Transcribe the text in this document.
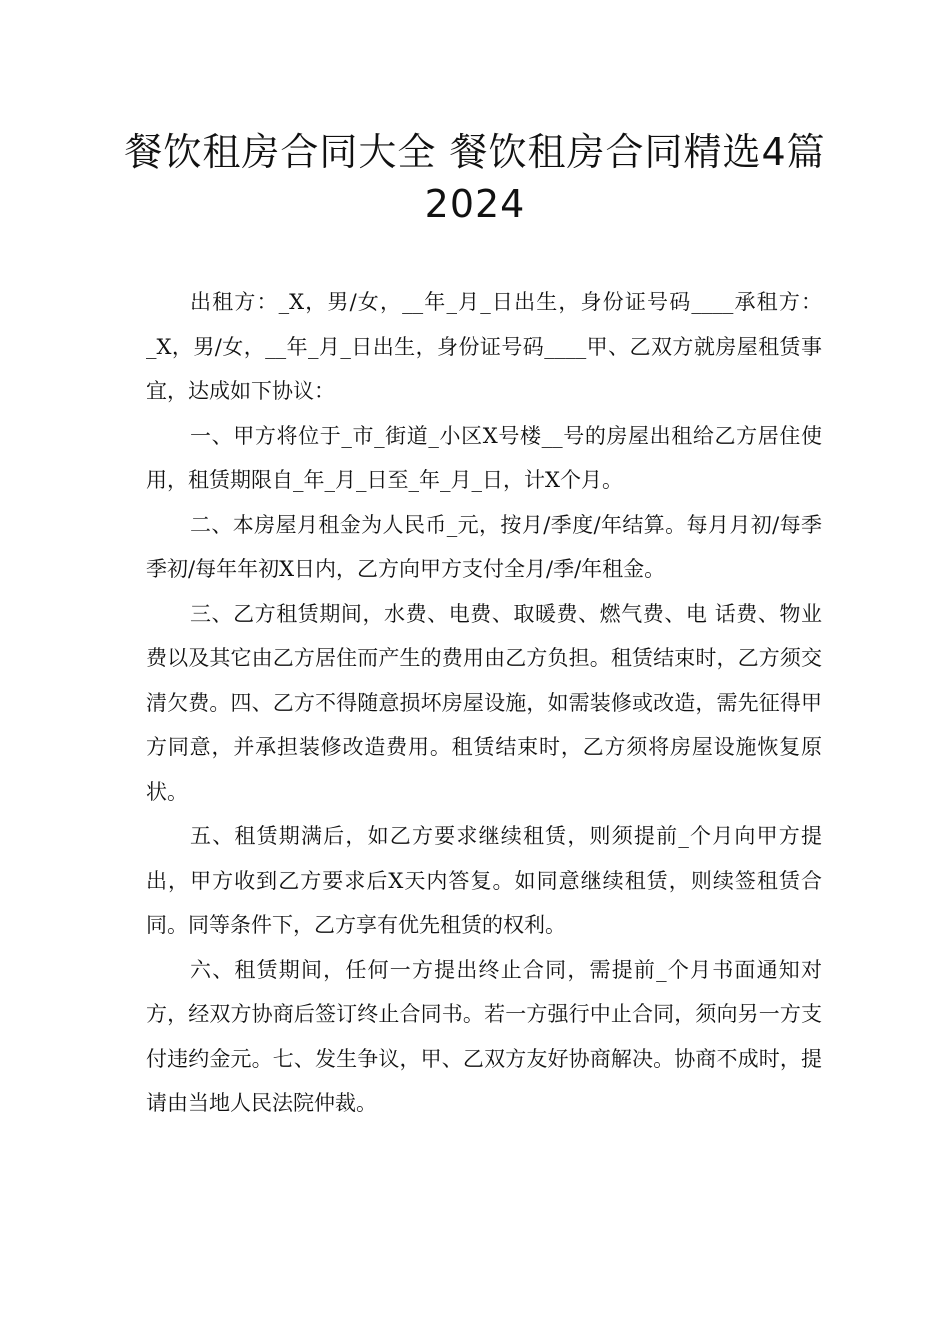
餐饮租房合同大全 餐饮租房合同精选4篇2024

出租方：_X，男/女，__年_月_日出生，身份证号码____承租方：_X，男/女，__年_月_日出生，身份证号码____甲、乙双方就房屋租赁事宜，达成如下协议：

一、甲方将位于_市_街道_小区X号楼__号的房屋出租给乙方居住使用，租赁期限自_年_月_日至_年_月_日，计X个月。

二、本房屋月租金为人民币_元，按月/季度/年结算。每月月初/每季季初/每年年初X日内，乙方向甲方支付全月/季/年租金。

三、乙方租赁期间，水费、电费、取暖费、燃气费、电 话费、物业费以及其它由乙方居住而产生的费用由乙方负担。租赁结束时，乙方须交清欠费。四、乙方不得随意损坏房屋设施，如需装修或改造，需先征得甲方同意，并承担装修改造费用。租赁结束时，乙方须将房屋设施恢复原状。

五、租赁期满后，如乙方要求继续租赁，则须提前_个月向甲方提出，甲方收到乙方要求后X天内答复。如同意继续租赁，则续签租赁合同。同等条件下，乙方享有优先租赁的权利。

六、租赁期间，任何一方提出终止合同，需提前_个月书面通知对方，经双方协商后签订终止合同书。若一方强行中止合同，须向另一方支付违约金元。七、发生争议，甲、乙双方友好协商解决。协商不成时，提请由当地人民法院仲裁。
